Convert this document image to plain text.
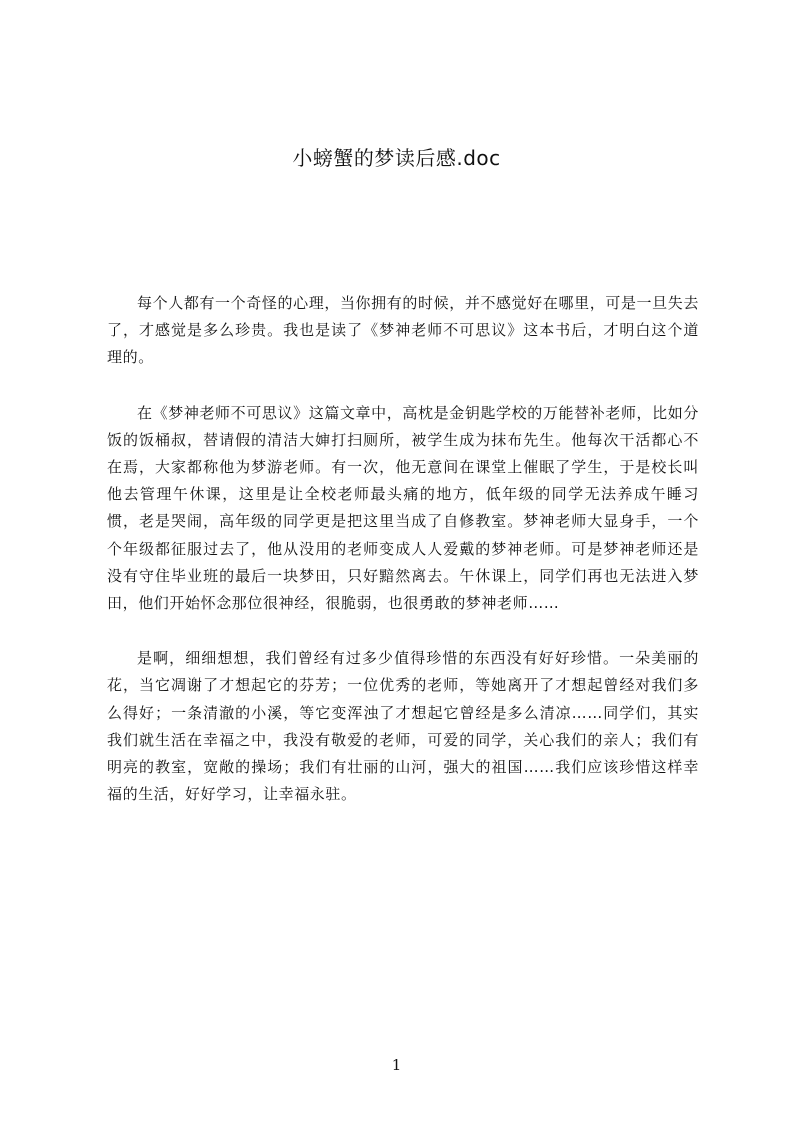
小螃蟹的梦读后感.doc

每个人都有一个奇怪的心理，当你拥有的时候，并不感觉好在哪里，可是一旦失去了，才感觉是多么珍贵。我也是读了《梦神老师不可思议》这本书后，才明白这个道理的。

在《梦神老师不可思议》这篇文章中，高枕是金钥匙学校的万能替补老师，比如分饭的饭桶叔，替请假的清洁大婶打扫厕所，被学生成为抹布先生。他每次干活都心不在焉，大家都称他为梦游老师。有一次，他无意间在课堂上催眠了学生，于是校长叫他去管理午休课，这里是让全校老师最头痛的地方，低年级的同学无法养成午睡习惯，老是哭闹，高年级的同学更是把这里当成了自修教室。梦神老师大显身手，一个个年级都征服过去了，他从没用的老师变成人人爱戴的梦神老师。可是梦神老师还是没有守住毕业班的最后一块梦田，只好黯然离去。午休课上，同学们再也无法进入梦田，他们开始怀念那位很神经，很脆弱，也很勇敢的梦神老师……

是啊，细细想想，我们曾经有过多少值得珍惜的东西没有好好珍惜。一朵美丽的花，当它凋谢了才想起它的芬芳；一位优秀的老师，等她离开了才想起曾经对我们多么得好；一条清澈的小溪，等它变浑浊了才想起它曾经是多么清凉……同学们，其实我们就生活在幸福之中，我没有敬爱的老师，可爱的同学，关心我们的亲人；我们有明亮的教室，宽敞的操场；我们有壮丽的山河，强大的祖国……我们应该珍惜这样幸福的生活，好好学习，让幸福永驻。

1
